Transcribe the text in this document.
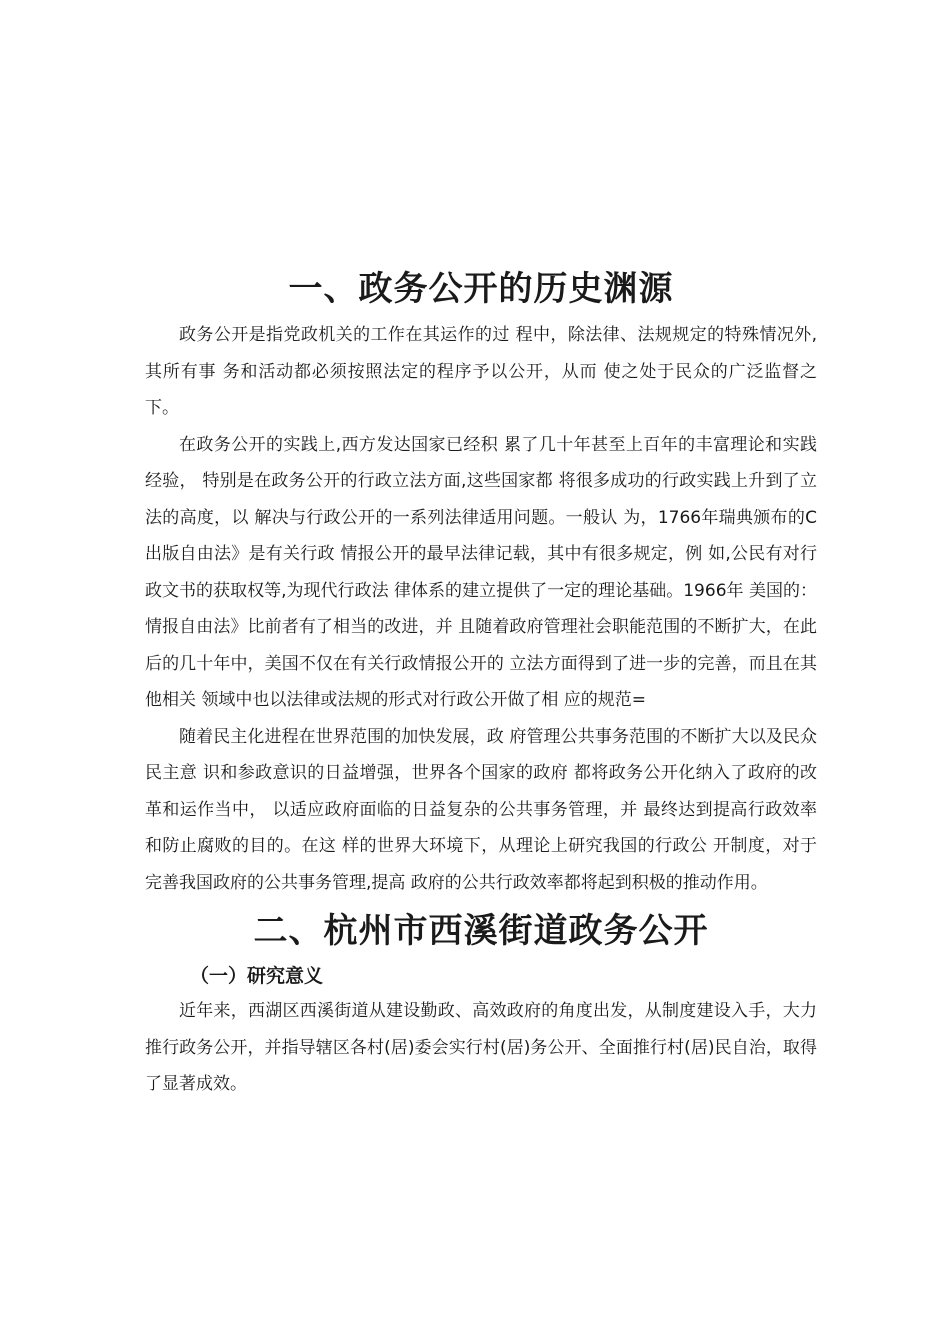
一、政务公开的历史渊源

政务公开是指党政机关的工作在其运作的过 程中，除法律、法规规定的特殊情况外,其所有事 务和活动都必须按照法定的程序予以公开，从而 使之处于民众的广泛监督之下。

在政务公开的实践上,西方发达国家已经积 累了几十年甚至上百年的丰富理论和实践经验， 特别是在政务公开的行政立法方面,这些国家都 将很多成功的行政实践上升到了立法的高度，以 解决与行政公开的一系列法律适用问题。一般认 为，1766年瑞典颁布的C出版自由法》是有关行政 情报公开的最早法律记载，其中有很多规定，例 如,公民有对行政文书的获取权等,为现代行政法 律体系的建立提供了一定的理论基础。1966年 美国的：情报自由法》比前者有了相当的改进，并 且随着政府管理社会职能范围的不断扩大，在此 后的几十年中，美国不仅在有关行政情报公开的 立法方面得到了进一步的完善，而且在其他相关 领域中也以法律或法规的形式对行政公开做了相 应的规范=

随着民主化进程在世界范围的加快发展，政 府管理公共事务范围的不断扩大以及民众民主意 识和参政意识的日益增强，世界各个国家的政府 都将政务公开化纳入了政府的改革和运作当中， 以适应政府面临的日益复杂的公共事务管理，并 最终达到提高行政效率和防止腐败的目的。在这 样的世界大环境下，从理论上研究我国的行政公 开制度，对于完善我国政府的公共事务管理,提高 政府的公共行政效率都将起到积极的推动作用。

二、杭州市西溪街道政务公开
（一）研究意义

近年来，西湖区西溪街道从建设勤政、高效政府的角度出发，从制度建设入手，大力推行政务公开，并指导辖区各村(居)委会实行村(居)务公开、全面推行村(居)民自治，取得了显著成效。
